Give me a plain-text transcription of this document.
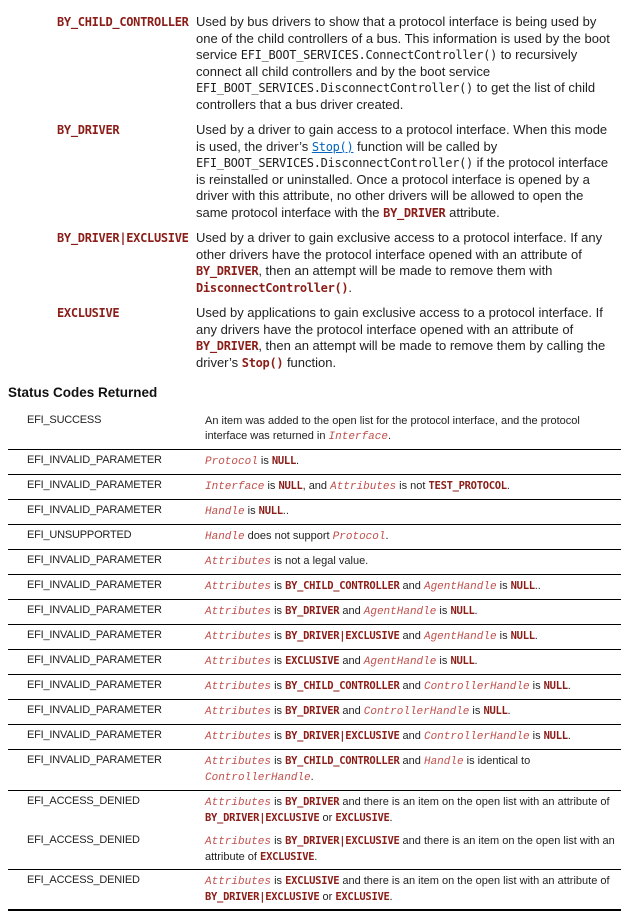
BY_CHILD_CONTROLLER Used by bus drivers to show that a protocol interface is being used by one of the child controllers of a bus. This information is used by the boot service EFI_BOOT_SERVICES.ConnectController() to recursively connect all child controllers and by the boot service EFI_BOOT_SERVICES.DisconnectController() to get the list of child controllers that a bus driver created.
BY_DRIVER	Used by a driver to gain access to a protocol interface. When this mode is used, the driver’s Stop() function will be called by EFI_BOOT_SERVICES.DisconnectController() if the protocol interface is reinstalled or uninstalled. Once a protocol interface is opened by a driver with this attribute, no other drivers will be allowed to open the same protocol interface with the BY_DRIVER attribute.
BY_DRIVER|EXCLUSIVE Used by a driver to gain exclusive access to a protocol interface. If any other drivers have the protocol interface opened with an attribute of BY_DRIVER, then an attempt will be made to remove them with DisconnectController().
EXCLUSIVE	Used by applications to gain exclusive access to a protocol interface. If any drivers have the protocol interface opened with an attribute of BY_DRIVER, then an attempt will be made to remove them by calling the driver’s Stop() function.
Status Codes Returned
EFI_SUCCESS	An item was added to the open list for the protocol interface, and the protocol interface was returned in Interface.
EFI_INVALID_PARAMETER	Protocol is NULL.
EFI_INVALID_PARAMETER	Interface is NULL, and Attributes is not TEST_PROTOCOL.
EFI_INVALID_PARAMETER	Handle is NULL..
EFI_UNSUPPORTED	Handle does not support Protocol.
EFI_INVALID_PARAMETER	Attributes is not a legal value.
EFI_INVALID_PARAMETER	Attributes is BY_CHILD_CONTROLLER and AgentHandle is NULL..
EFI_INVALID_PARAMETER	Attributes is BY_DRIVER and AgentHandle is NULL.
EFI_INVALID_PARAMETER	Attributes is BY_DRIVER|EXCLUSIVE and AgentHandle is NULL.
EFI_INVALID_PARAMETER	Attributes is EXCLUSIVE and AgentHandle is NULL.
EFI_INVALID_PARAMETER	Attributes is BY_CHILD_CONTROLLER and ControllerHandle is NULL.
EFI_INVALID_PARAMETER	Attributes is BY_DRIVER and ControllerHandle is NULL.
EFI_INVALID_PARAMETER	Attributes is BY_DRIVER|EXCLUSIVE and ControllerHandle is NULL.
EFI_INVALID_PARAMETER	Attributes is BY_CHILD_CONTROLLER and Handle is identical to ControllerHandle.
EFI_ACCESS_DENIED	Attributes is BY_DRIVER and there is an item on the open list with an attribute of BY_DRIVER|EXCLUSIVE or EXCLUSIVE.
EFI_ACCESS_DENIED	Attributes is BY_DRIVER|EXCLUSIVE and there is an item on the open list with an attribute of EXCLUSIVE.
EFI_ACCESS_DENIED	Attributes is EXCLUSIVE and there is an item on the open list with an attribute of BY_DRIVER|EXCLUSIVE or EXCLUSIVE.
